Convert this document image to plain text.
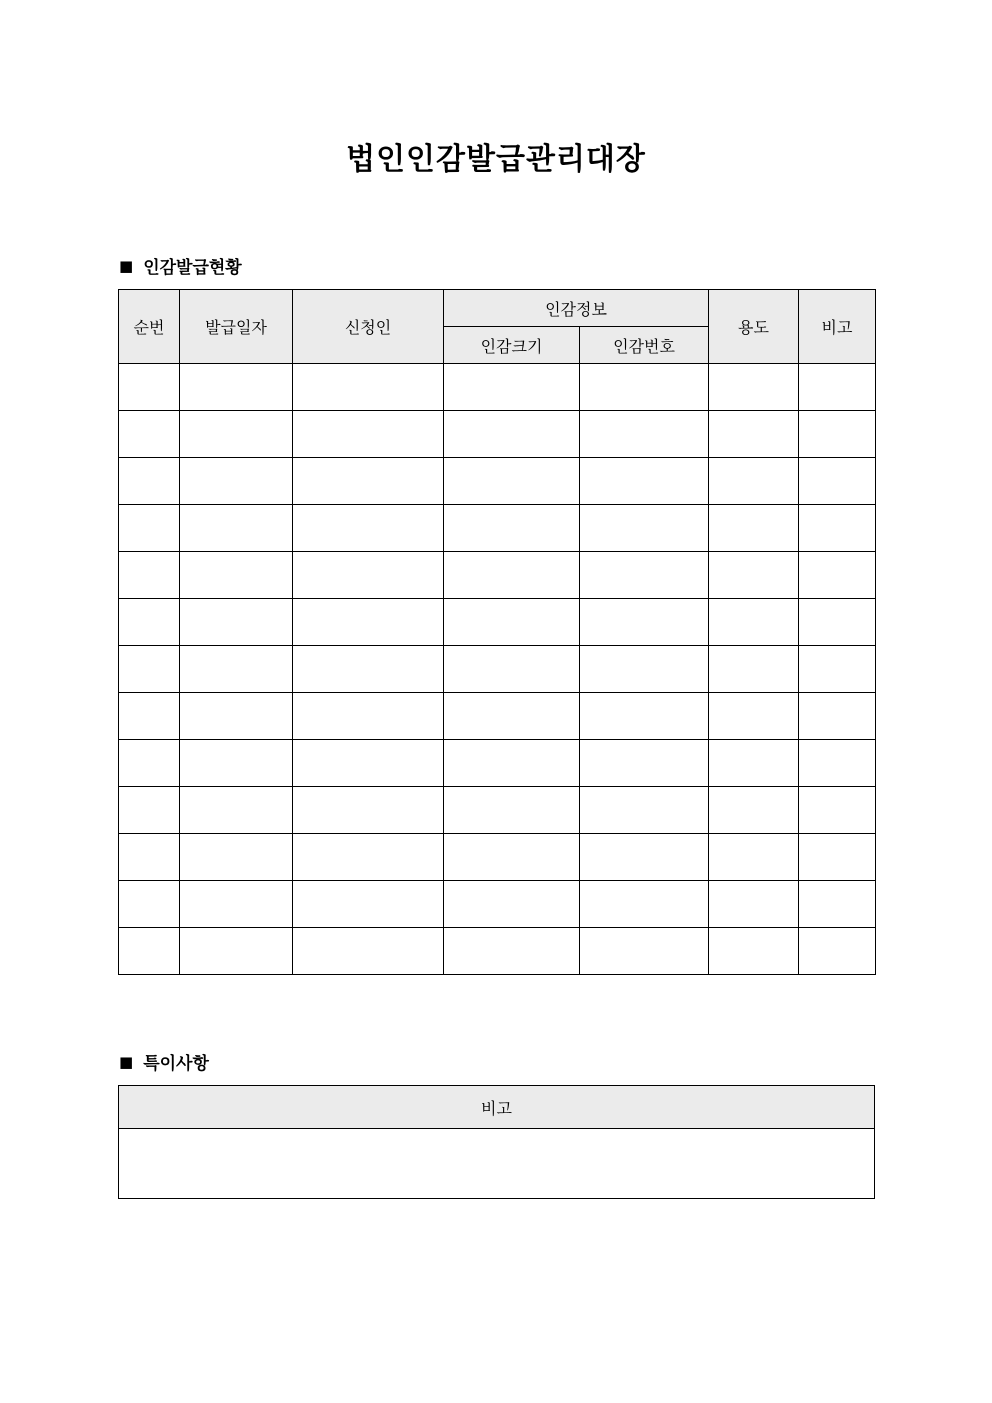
법인인감발급관리대장
■ 인감발급현황
순번	발급일자	신청인	인감정보		용도	비고
			인감크기	인감번호		

■ 특이사항
비고
